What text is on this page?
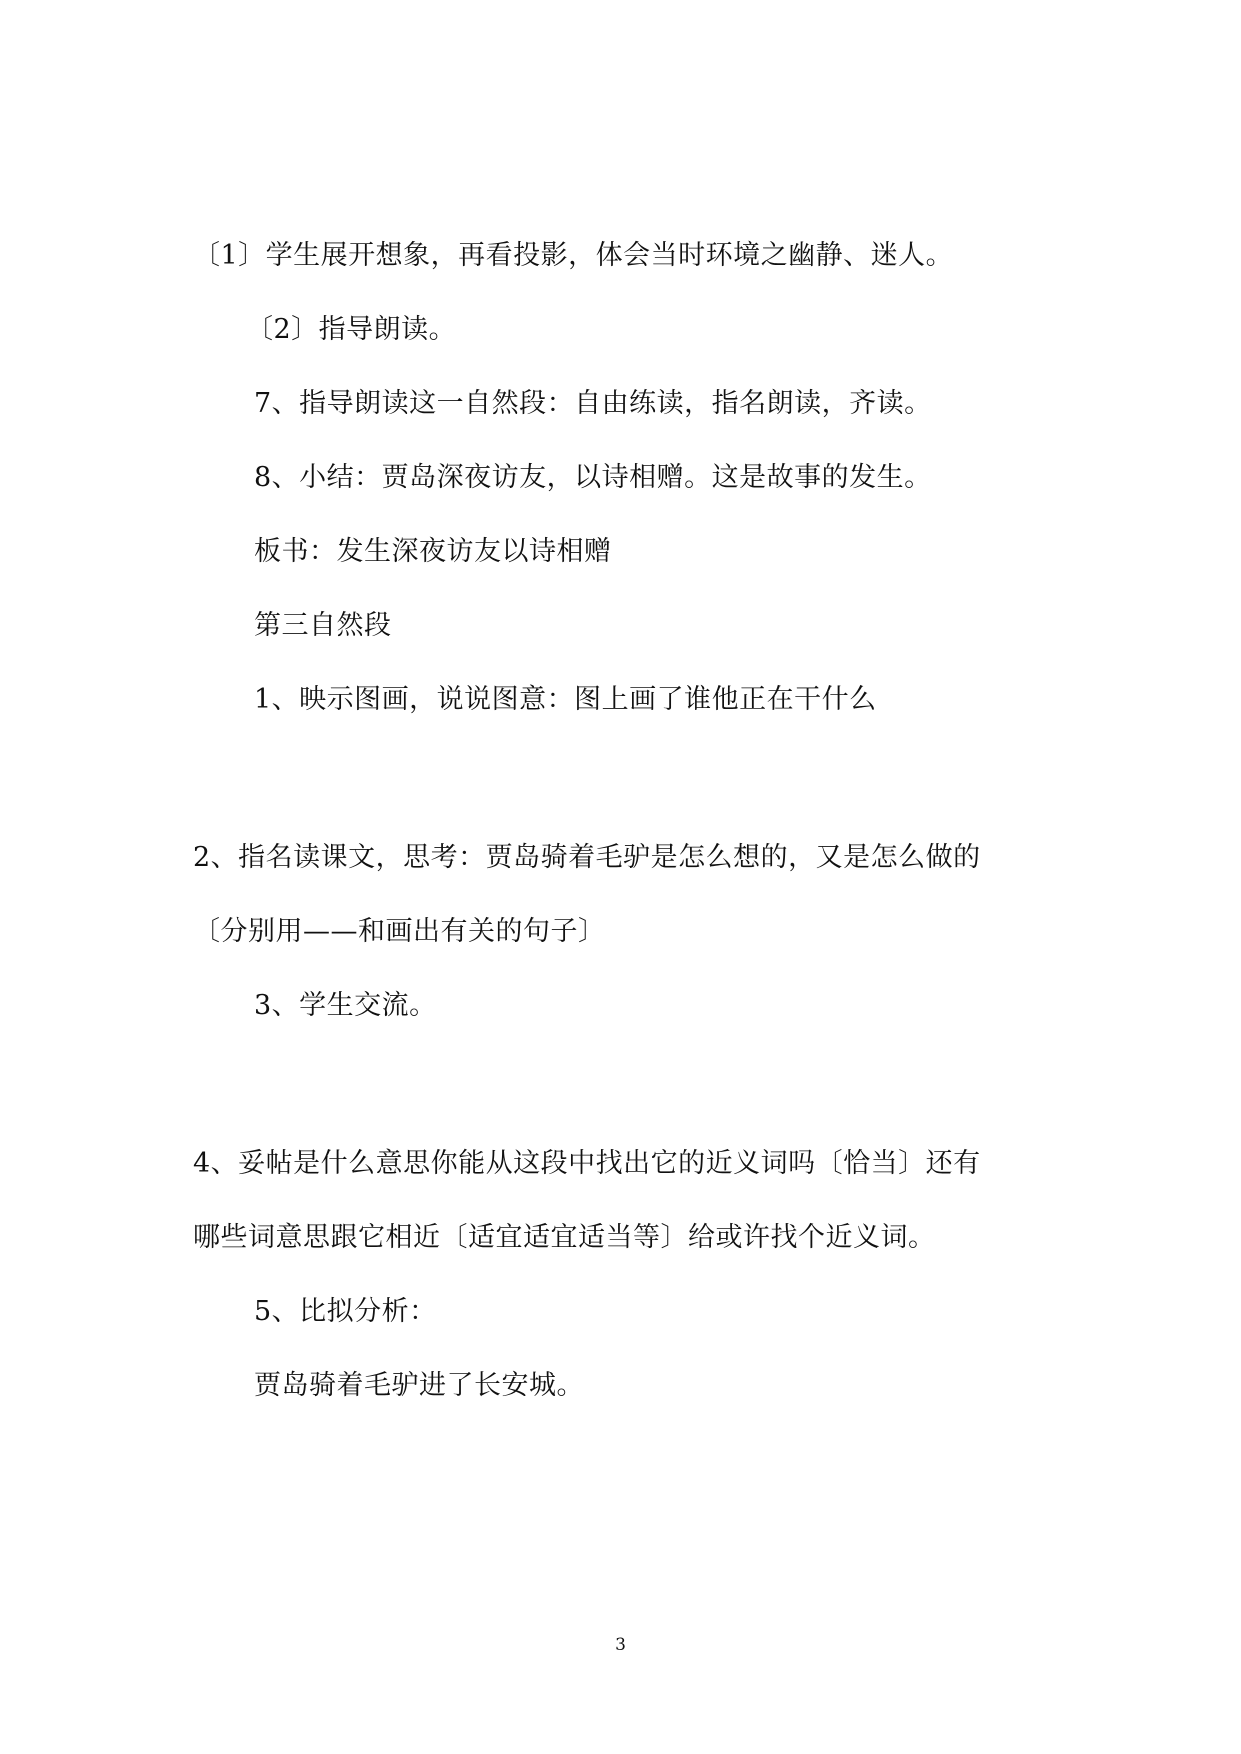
〔1〕学生展开想象，再看投影，体会当时环境之幽静、迷人。

〔2〕指导朗读。

7、指导朗读这一自然段：自由练读，指名朗读，齐读。

8、小结：贾岛深夜访友，以诗相赠。这是故事的发生。

板书：发生深夜访友以诗相赠

第三自然段

1、映示图画，说说图意：图上画了谁他正在干什么

2、指名读课文，思考：贾岛骑着毛驴是怎么想的，又是怎么做的

〔分别用——和画出有关的句子〕

3、学生交流。

4、妥帖是什么意思你能从这段中找出它的近义词吗〔恰当〕还有

哪些词意思跟它相近〔适宜适宜适当等〕给或许找个近义词。

5、比拟分析：

贾岛骑着毛驴进了长安城。

3
